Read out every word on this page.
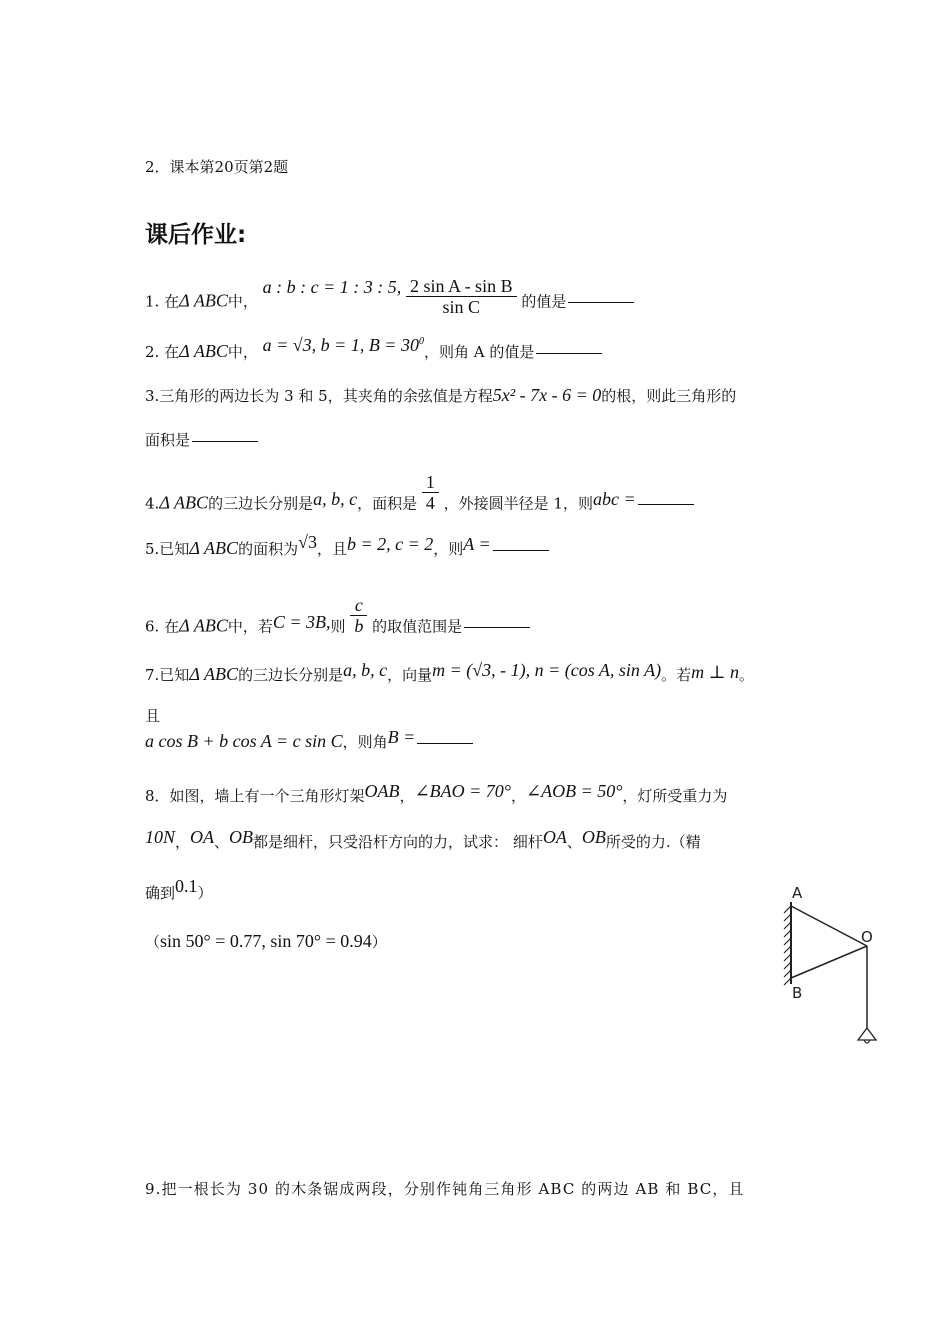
2．课本第20页第2题
课后作业:
1. 在Δ ABC中， a : b : c = 1 : 3 : 5, $\frac{\text{2 sin A - sin B}}{\text{sin C}}$ 的值是
2. 在Δ ABC中， a = √3, b = 1, $B = 30^0$，则角 A 的值是
3.三角形的两边长为 3 和 5，其夹角的余弦值是方程5x² - 7x - 6 = 0的根，则此三角形的
面积是
4.Δ ABC的三边长分别是a, b, c，面积是 $\frac{1}{4}$ ，外接圆半径是 1，则abc =
5.已知Δ ABC的面积为√3，且b = 2, c = 2，则A =
6. 在Δ ABC中，若C = 3B,则 $\frac{c}{b}$ 的取值范围是
7.已知Δ ABC的三边长分别是a, b, c，向量m = (√3, - 1), n = (cos A, sin A)。若m ⊥ n。
且
a cos B + b cos A = c sin C，则角B =
8．如图，墙上有一个三角形灯架OAB，∠BAO = 70°，∠AOB = 50°，灯所受重力为
10N，OA、OB都是细杆，只受沿杆方向的力，试求： 细杆OA、OB所受的力.（精
确到0.1）
（sin 50° = 0.77, sin 70° = 0.94）
A
B
O
9.把一根长为 30 的木条锯成两段，分别作钝角三角形 ABC 的两边 AB 和 BC，且
